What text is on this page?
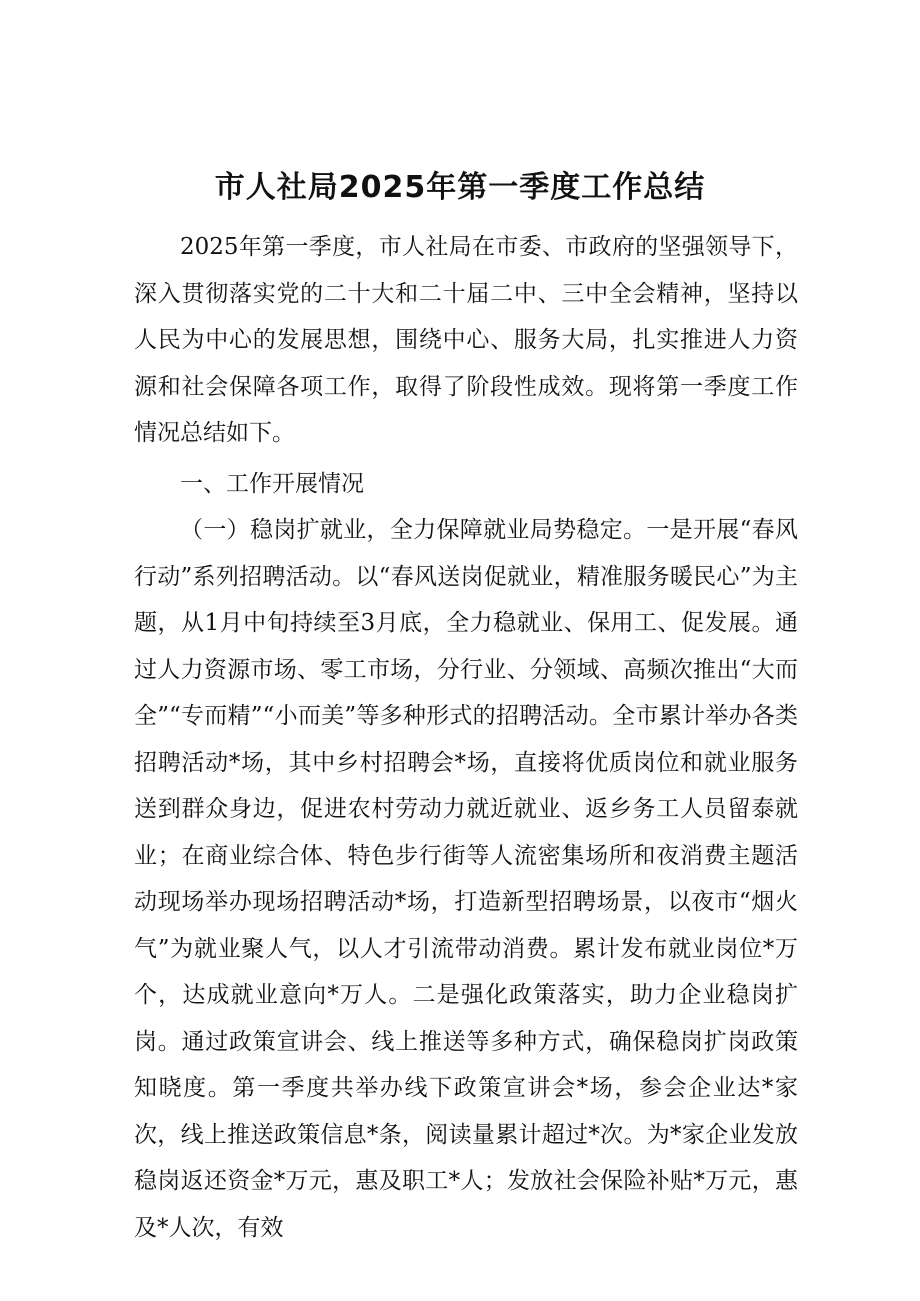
市人社局2025年第一季度工作总结

2025年第一季度，市人社局在市委、市政府的坚强领导下，深入贯彻落实党的二十大和二十届二中、三中全会精神，坚持以人民为中心的发展思想，围绕中心、服务大局，扎实推进人力资源和社会保障各项工作，取得了阶段性成效。现将第一季度工作情况总结如下。

一、工作开展情况

（一）稳岗扩就业，全力保障就业局势稳定。一是开展“春风行动”系列招聘活动。以“春风送岗促就业，精准服务暖民心”为主题，从1月中旬持续至3月底，全力稳就业、保用工、促发展。通过人力资源市场、零工市场，分行业、分领域、高频次推出“大而全”“专而精”“小而美”等多种形式的招聘活动。全市累计举办各类招聘活动*场，其中乡村招聘会*场，直接将优质岗位和就业服务送到群众身边，促进农村劳动力就近就业、返乡务工人员留泰就业；在商业综合体、特色步行街等人流密集场所和夜消费主题活动现场举办现场招聘活动*场，打造新型招聘场景，以夜市“烟火气”为就业聚人气，以人才引流带动消费。累计发布就业岗位*万个，达成就业意向*万人。二是强化政策落实，助力企业稳岗扩岗。通过政策宣讲会、线上推送等多种方式，确保稳岗扩岗政策知晓度。第一季度共举办线下政策宣讲会*场，参会企业达*家次，线上推送政策信息*条，阅读量累计超过*次。为*家企业发放稳岗返还资金*万元，惠及职工*人；发放社会保险补贴*万元，惠及*人次，有效
